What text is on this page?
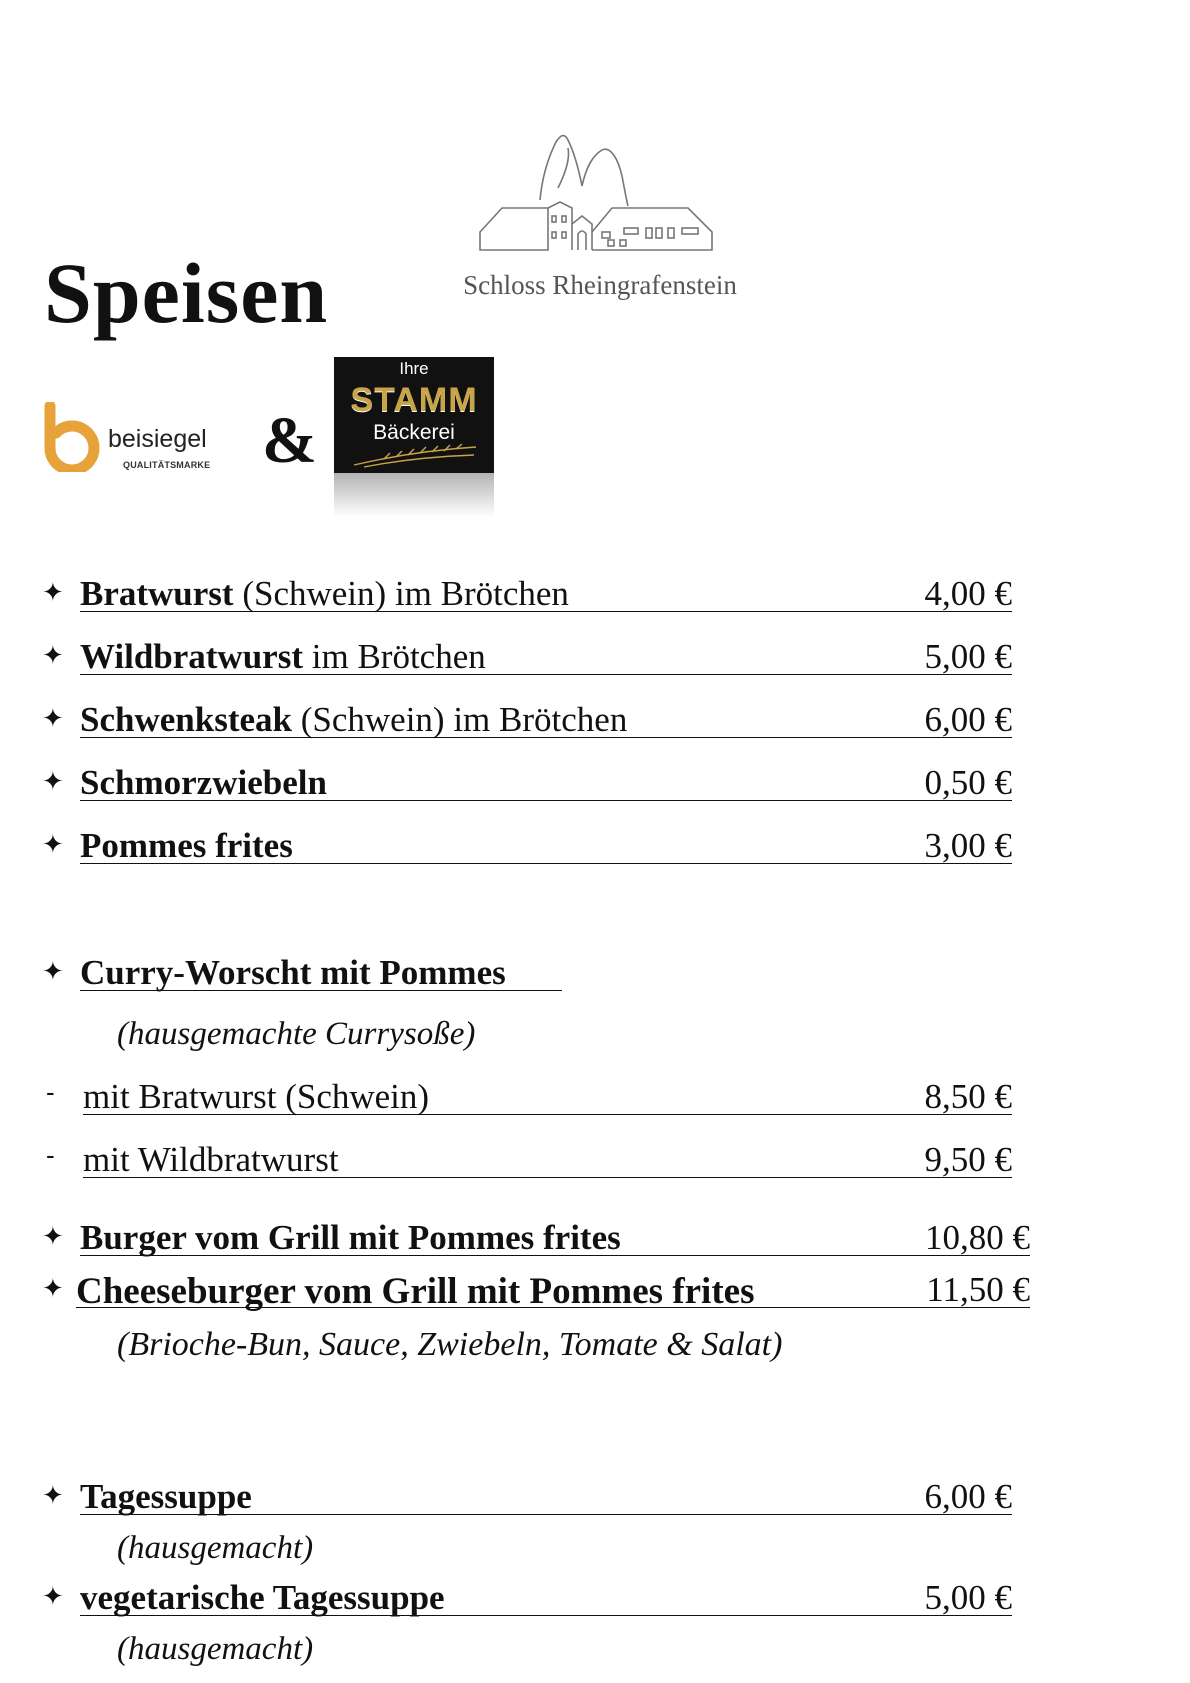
Speisen	Schloss Rheingrafenstein
beisiegel
QUALITÄTSMARKE &
Ihre
STAMM
Bäckerei
✦ Bratwurst (Schwein) im Brötchen	4,00 €
✦ Wildbratwurst im Brötchen	5,00 €
✦ Schwenksteak (Schwein) im Brötchen	6,00 €
✦ Schmorzwiebeln	0,50 €
✦ Pommes frites	3,00 €
✦ Curry-Worscht mit Pommes
(hausgemachte Currysoße)
- mit Bratwurst (Schwein)	8,50 €
- mit Wildbratwurst	9,50 €
✦ Burger vom Grill mit Pommes frites	10,80 €
✦ Cheeseburger vom Grill mit Pommes frites	11,50 €
(Brioche-Bun, Sauce, Zwiebeln, Tomate & Salat)
✦ Tagessuppe	6,00 €
(hausgemacht)
✦ vegetarische Tagessuppe	5,00 €
(hausgemacht)
